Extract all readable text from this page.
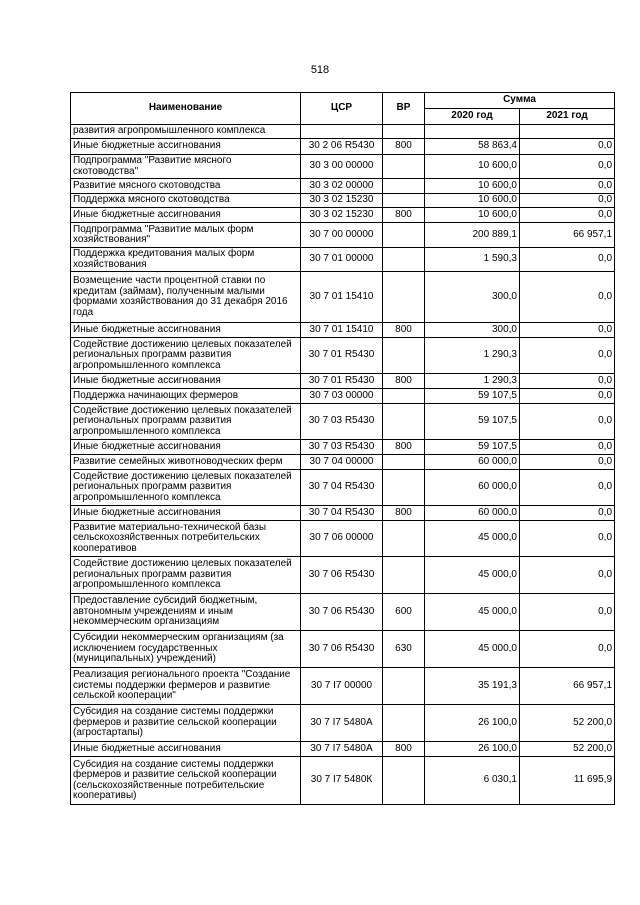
518
Наименование	ЦСР	ВР	Сумма	
			2020 год	2021 год
развития агропромышленного комплекса				
Иные бюджетные ассигнования	30 2 06 R5430	800	58 863,4	0,0
Подпрограмма "Развитие мясного скотоводства"	30 3 00 00000		10 600,0	0,0
Развитие мясного скотоводства	30 3 02 00000		10 600,0	0,0
Поддержка мясного скотоводства	30 3 02 15230		10 600,0	0,0
Иные бюджетные ассигнования	30 3 02 15230	800	10 600,0	0,0
Подпрограмма "Развитие малых форм хозяйствования"	30 7 00 00000		200 889,1	66 957,1
Поддержка кредитования малых форм хозяйствования	30 7 01 00000		1 590,3	0,0
Возмещение части процентной ставки по кредитам (займам), полученным малыми формами хозяйствования до 31 декабря 2016 года	30 7 01 15410		300,0	0,0
Иные бюджетные ассигнования	30 7 01 15410	800	300,0	0,0
Содействие достижению целевых показателей региональных программ развития агропромышленного комплекса	30 7 01 R5430		1 290,3	0,0
Иные бюджетные ассигнования	30 7 01 R5430	800	1 290,3	0,0
Поддержка начинающих фермеров	30 7 03 00000		59 107,5	0,0
Содействие достижению целевых показателей региональных программ развития агропромышленного комплекса	30 7 03 R5430		59 107,5	0,0
Иные бюджетные ассигнования	30 7 03 R5430	800	59 107,5	0,0
Развитие семейных животноводческих ферм	30 7 04 00000		60 000,0	0,0
Содействие достижению целевых показателей региональных программ развития агропромышленного комплекса	30 7 04 R5430		60 000,0	0,0
Иные бюджетные ассигнования	30 7 04 R5430	800	60 000,0	0,0
Развитие материально-технической базы сельскохозяйственных потребительских кооперативов	30 7 06 00000		45 000,0	0,0
Содействие достижению целевых показателей региональных программ развития агропромышленного комплекса	30 7 06 R5430		45 000,0	0,0
Предоставление субсидий бюджетным, автономным учреждениям и иным некоммерческим организациям	30 7 06 R5430	600	45 000,0	0,0
Субсидии некоммерческим организациям (за исключением государственных (муниципальных) учреждений)	30 7 06 R5430	630	45 000,0	0,0
Реализация регионального проекта "Создание системы поддержки фермеров и развитие сельской кооперации"	30 7 I7 00000		35 191,3	66 957,1
Субсидия на создание системы поддержки фермеров и развитие сельской кооперации (агростартапы)	30 7 I7 5480А		26 100,0	52 200,0
Иные бюджетные ассигнования	30 7 I7 5480А	800	26 100,0	52 200,0
Субсидия на создание системы поддержки фермеров и развитие сельской кооперации (сельскохозяйственные потребительские кооперативы)	30 7 I7 5480К		6 030,1	11 695,9
